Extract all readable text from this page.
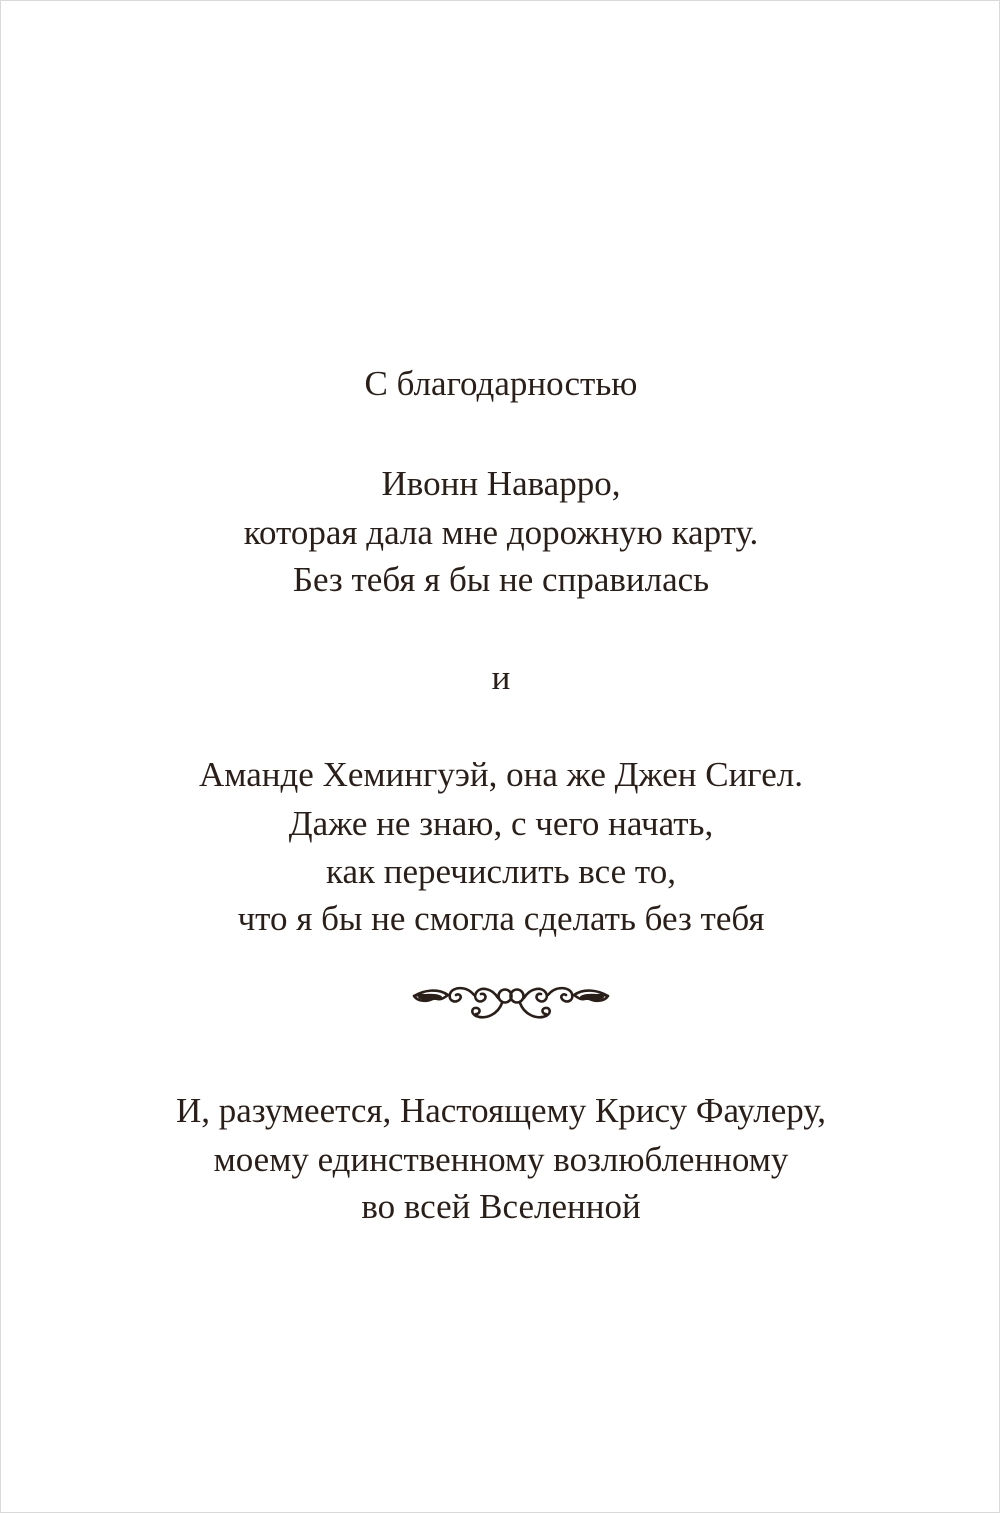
С благодарностью
Ивонн Наварро,
которая дала мне дорожную карту.
Без тебя я бы не справилась
и
Аманде Хемингуэй, она же Джен Сигел.
Даже не знаю, с чего начать,
как перечислить все то,
что я бы не смогла сделать без тебя
И, разумеется, Настоящему Крису Фаулеру,
моему единственному возлюбленному
во всей Вселенной
